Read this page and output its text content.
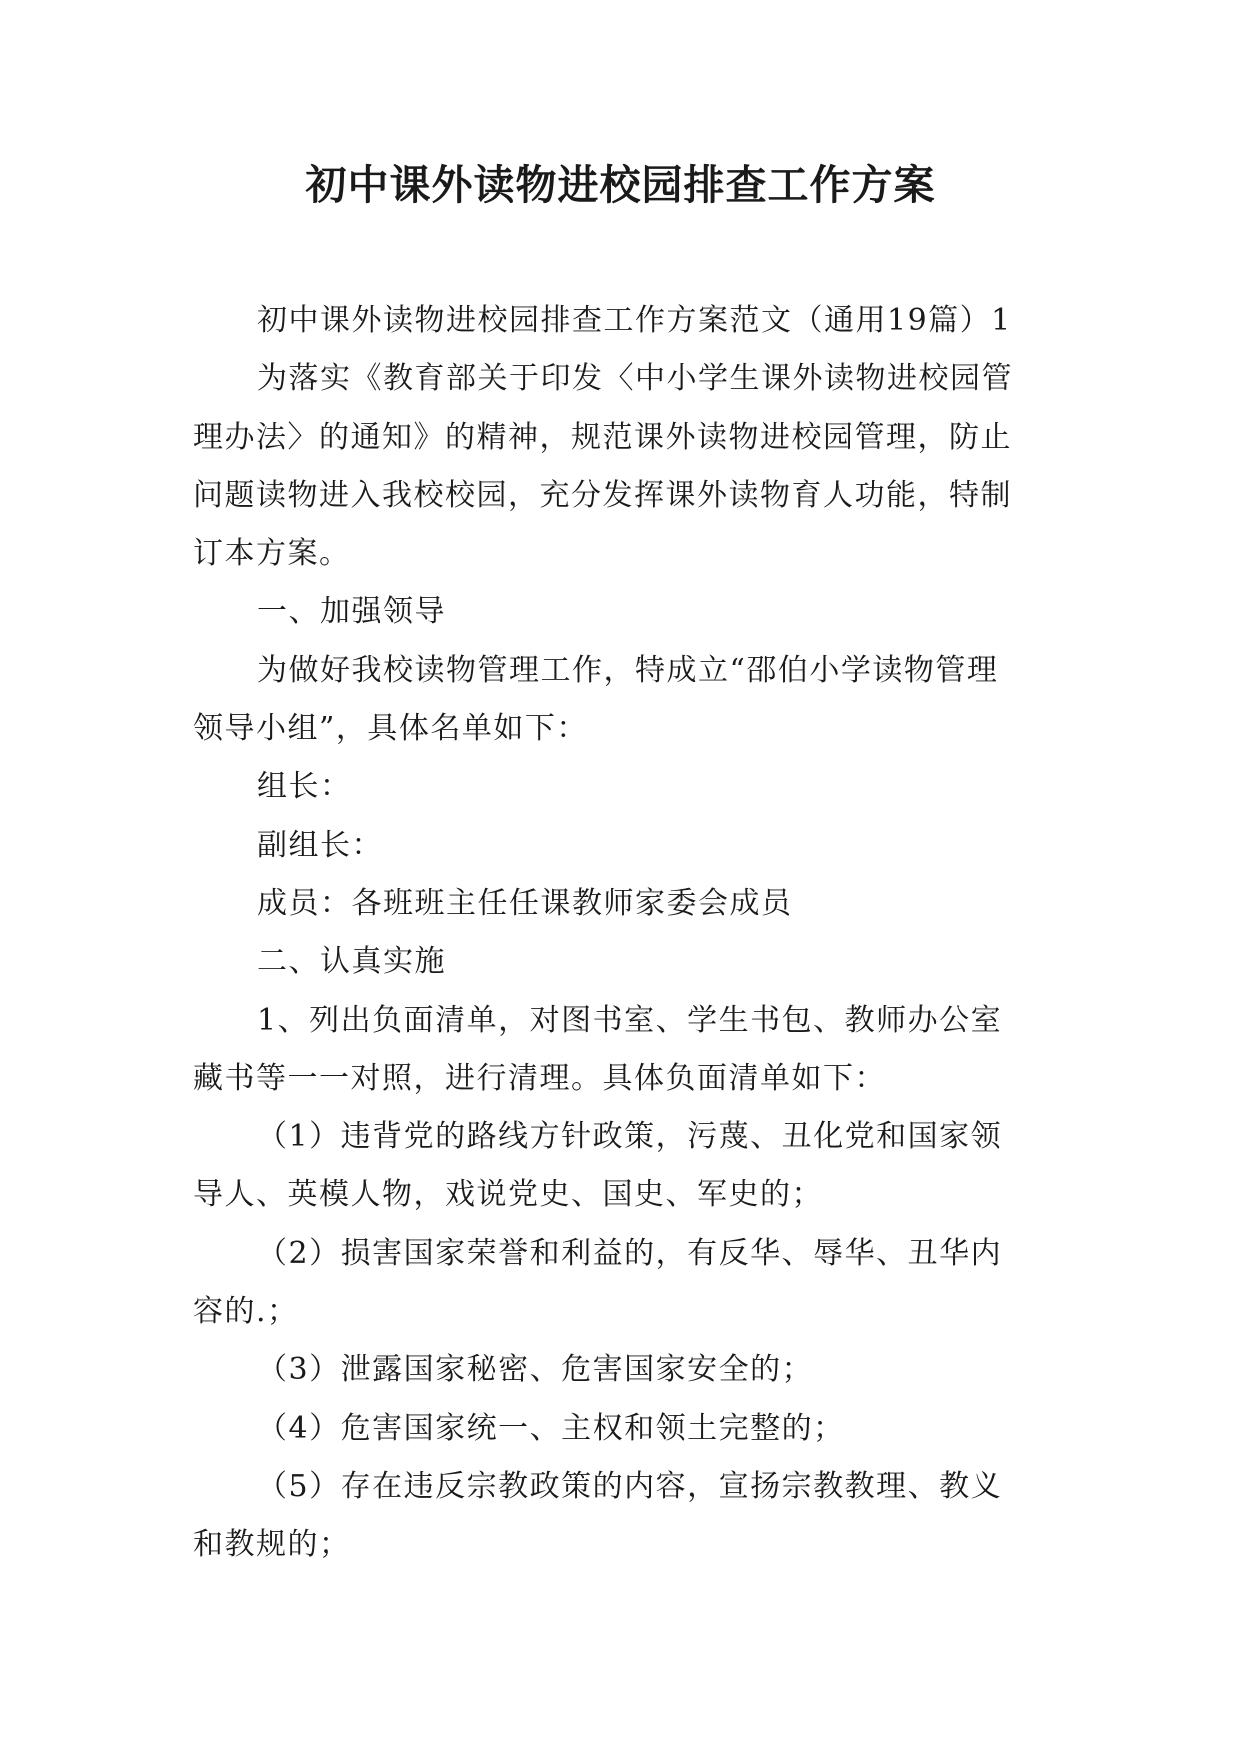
初中课外读物进校园排查工作方案

初中课外读物进校园排查工作方案范文（通用19篇）1

为落实《教育部关于印发〈中小学生课外读物进校园管
理办法〉的通知》的精神，规范课外读物进校园管理，防止
问题读物进入我校校园，充分发挥课外读物育人功能，特制
订本方案。

一、加强领导

为做好我校读物管理工作，特成立“邵伯小学读物管理
领导小组”，具体名单如下：

组长：

副组长：

成员：各班班主任任课教师家委会成员

二、认真实施

1、列出负面清单，对图书室、学生书包、教师办公室
藏书等一一对照，进行清理。具体负面清单如下：

（1）违背党的路线方针政策，污蔑、丑化党和国家领
导人、英模人物，戏说党史、国史、军史的；

（2）损害国家荣誉和利益的，有反华、辱华、丑华内
容的.；

（3）泄露国家秘密、危害国家安全的；

（4）危害国家统一、主权和领土完整的；

（5）存在违反宗教政策的内容，宣扬宗教教理、教义
和教规的；
